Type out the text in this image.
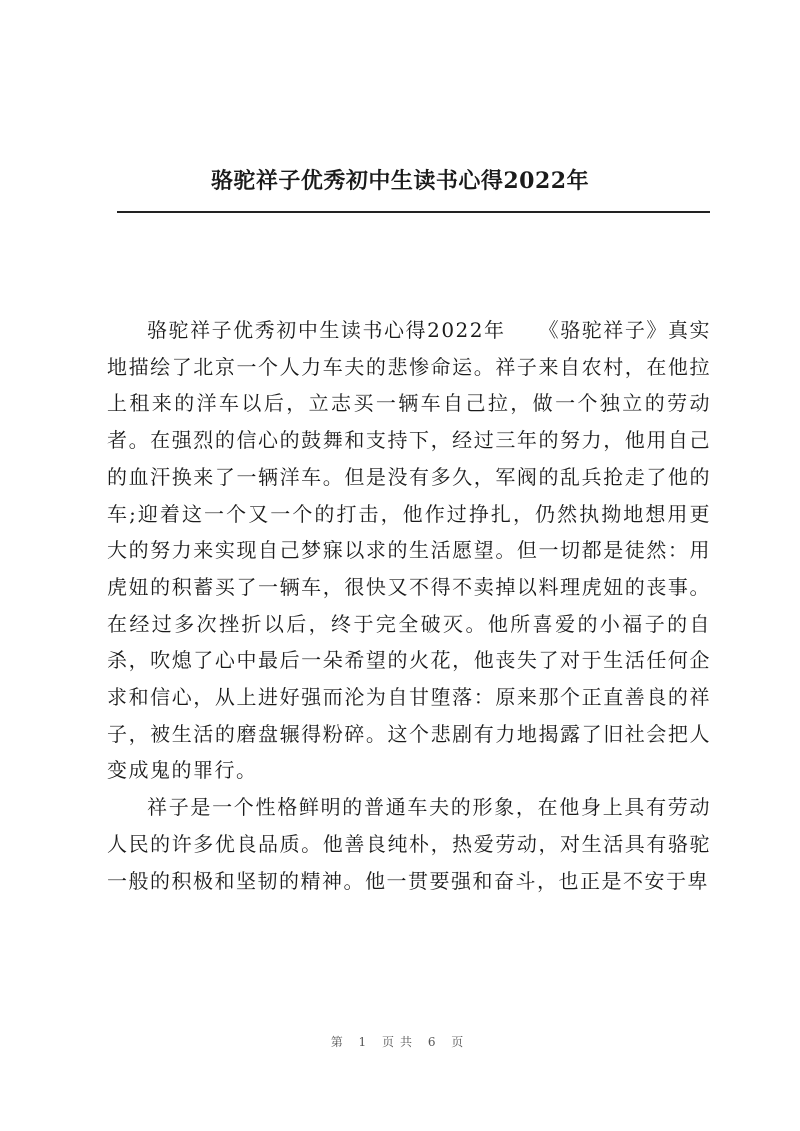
骆驼祥子优秀初中生读书心得2022年

骆驼祥子优秀初中生读书心得2022年　　《骆驼祥子》真实地描绘了北京一个人力车夫的悲惨命运。祥子来自农村，在他拉上租来的洋车以后，立志买一辆车自己拉，做一个独立的劳动者。在强烈的信心的鼓舞和支持下，经过三年的努力，他用自己的血汗换来了一辆洋车。但是没有多久，军阀的乱兵抢走了他的车;迎着这一个又一个的打击，他作过挣扎，仍然执拗地想用更大的努力来实现自己梦寐以求的生活愿望。但一切都是徒然：用虎妞的积蓄买了一辆车，很快又不得不卖掉以料理虎妞的丧事。在经过多次挫折以后，终于完全破灭。他所喜爱的小福子的自杀，吹熄了心中最后一朵希望的火花，他丧失了对于生活任何企求和信心，从上进好强而沦为自甘堕落：原来那个正直善良的祥子，被生活的磨盘辗得粉碎。这个悲剧有力地揭露了旧社会把人变成鬼的罪行。

祥子是一个性格鲜明的普通车夫的形象，在他身上具有劳动人民的许多优良品质。他善良纯朴，热爱劳动，对生活具有骆驼一般的积极和坚韧的精神。他一贯要强和奋斗，也正是不安于卑

第 1 页共 6 页
